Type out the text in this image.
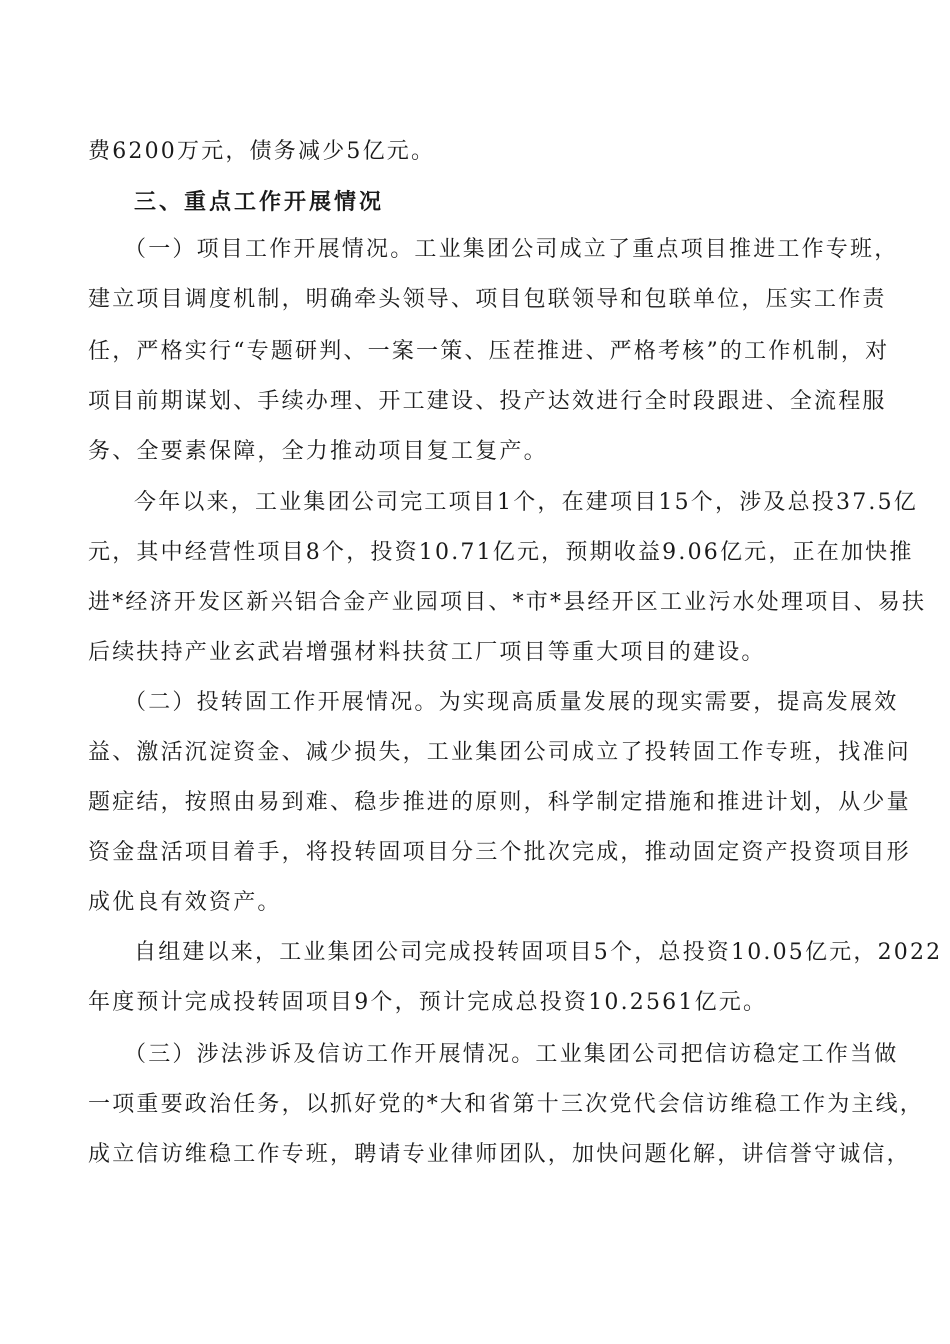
费6200万元，债务减少5亿元。
三、重点工作开展情况
（一）项目工作开展情况。工业集团公司成立了重点项目推进工作专班，
建立项目调度机制，明确牵头领导、项目包联领导和包联单位，压实工作责
任，严格实行“专题研判、一案一策、压茬推进、严格考核”的工作机制，对
项目前期谋划、手续办理、开工建设、投产达效进行全时段跟进、全流程服
务、全要素保障，全力推动项目复工复产。
今年以来，工业集团公司完工项目1个，在建项目15个，涉及总投37.5亿
元，其中经营性项目8个，投资10.71亿元，预期收益9.06亿元，正在加快推
进*经济开发区新兴铝合金产业园项目、*市*县经开区工业污水处理项目、易扶
后续扶持产业玄武岩增强材料扶贫工厂项目等重大项目的建设。
（二）投转固工作开展情况。为实现高质量发展的现实需要，提高发展效
益、激活沉淀资金、减少损失，工业集团公司成立了投转固工作专班，找准问
题症结，按照由易到难、稳步推进的原则，科学制定措施和推进计划，从少量
资金盘活项目着手，将投转固项目分三个批次完成，推动固定资产投资项目形
成优良有效资产。
自组建以来，工业集团公司完成投转固项目5个，总投资10.05亿元，2022
年度预计完成投转固项目9个，预计完成总投资10.2561亿元。
（三）涉法涉诉及信访工作开展情况。工业集团公司把信访稳定工作当做
一项重要政治任务，以抓好党的*大和省第十三次党代会信访维稳工作为主线，
成立信访维稳工作专班，聘请专业律师团队，加快问题化解，讲信誉守诚信，
